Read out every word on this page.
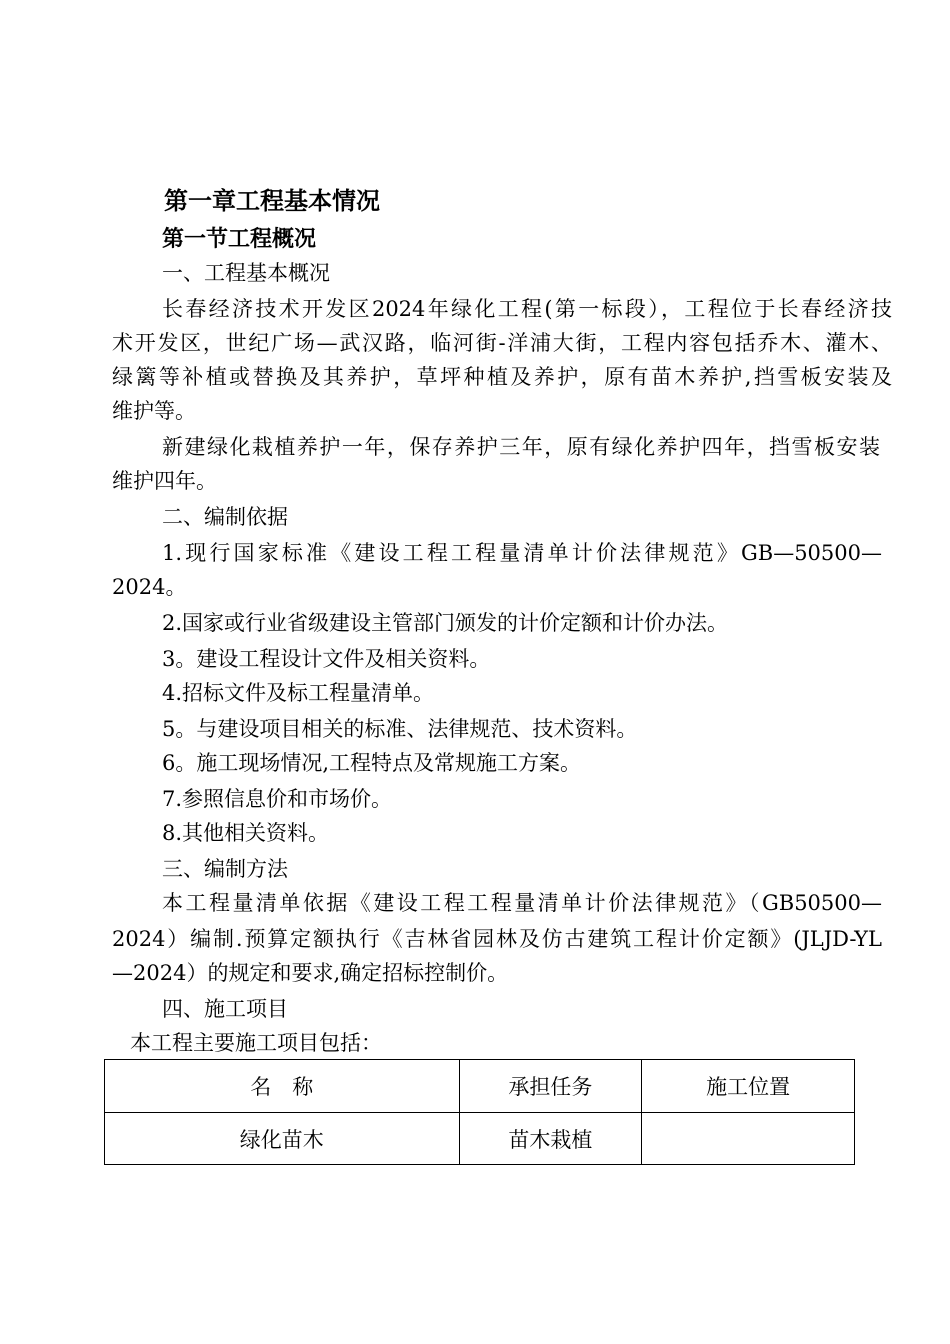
第一章工程基本情况
第一节工程概况
一、工程基本概况
长春经济技术开发区2024年绿化工程(第一标段），工程位于长春经济技
术开发区，世纪广场—武汉路，临河街-洋浦大街，工程内容包括乔木、灌木、
绿篱等补植或替换及其养护，草坪种植及养护，原有苗木养护,挡雪板安装及
维护等。
新建绿化栽植养护一年，保存养护三年，原有绿化养护四年，挡雪板安装
维护四年。
二、编制依据
1.现行国家标准《建设工程工程量清单计价法律规范》GB—50500—
2024。
2.国家或行业省级建设主管部门颁发的计价定额和计价办法。
3。建设工程设计文件及相关资料。
4.招标文件及标工程量清单。
5。与建设项目相关的标准、法律规范、技术资料。
6。施工现场情况,工程特点及常规施工方案。
7.参照信息价和市场价。
8.其他相关资料。
三、编制方法
本工程量清单依据《建设工程工程量清单计价法律规范》（GB50500—
2024）编制.预算定额执行《吉林省园林及仿古建筑工程计价定额》(JLJD-YL
—2024）的规定和要求,确定招标控制价。
四、施工项目
本工程主要施工项目包括：
名　称	承担任务	施工位置
绿化苗木	苗木栽植	
